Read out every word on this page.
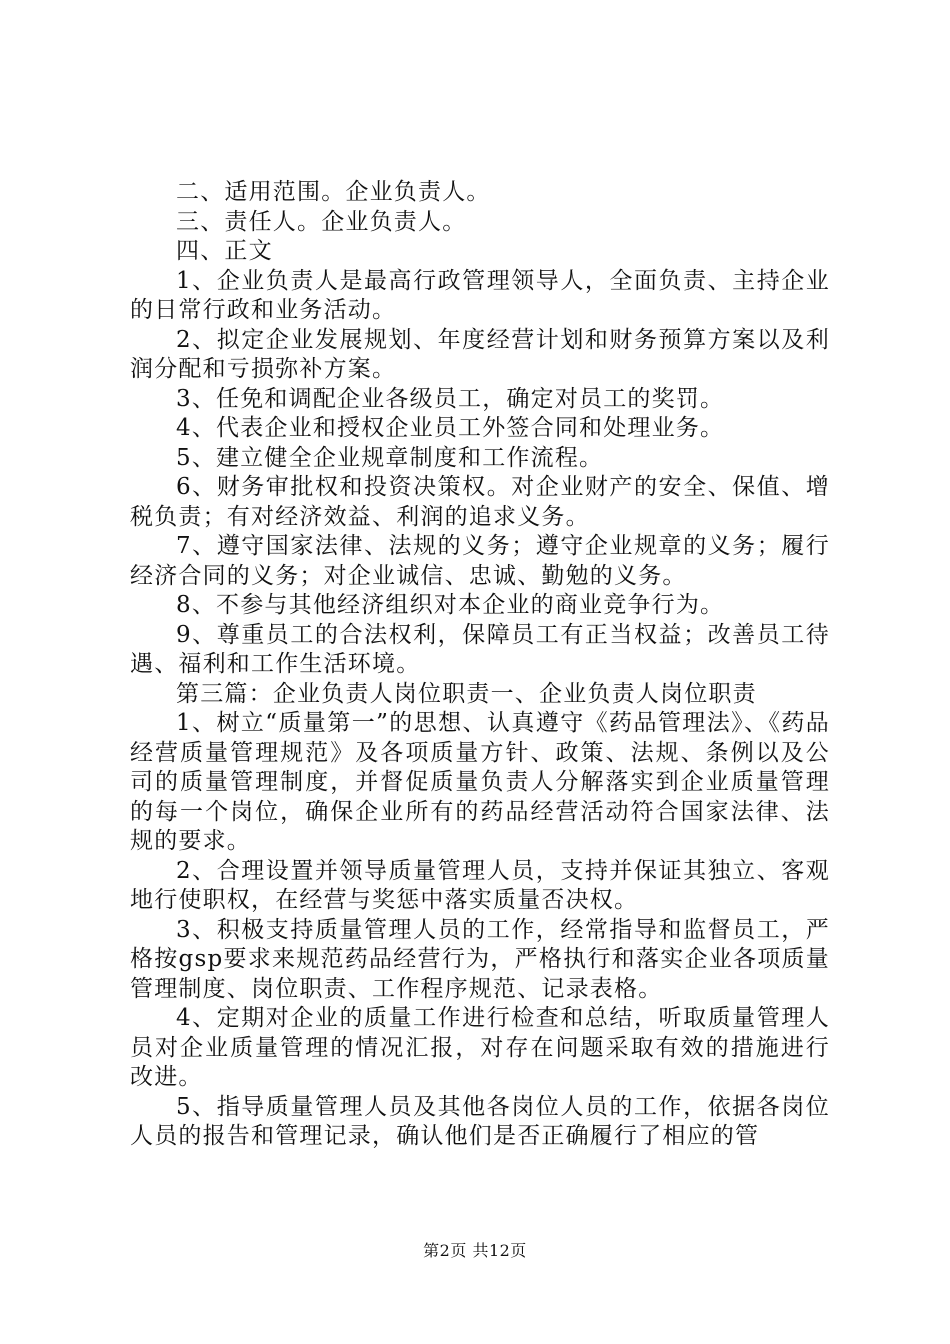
二、适用范围。企业负责人。

三、责任人。企业负责人。

四、正文

1、企业负责人是最高行政管理领导人，全面负责、主持企业的日常行政和业务活动。

2、拟定企业发展规划、年度经营计划和财务预算方案以及利润分配和亏损弥补方案。

3、任免和调配企业各级员工，确定对员工的奖罚。

4、代表企业和授权企业员工外签合同和处理业务。

5、建立健全企业规章制度和工作流程。

6、财务审批权和投资决策权。对企业财产的安全、保值、增税负责；有对经济效益、利润的追求义务。

7、遵守国家法律、法规的义务；遵守企业规章的义务；履行经济合同的义务；对企业诚信、忠诚、勤勉的义务。

8、不参与其他经济组织对本企业的商业竞争行为。

9、尊重员工的合法权利，保障员工有正当权益；改善员工待遇、福利和工作生活环境。

第三篇：企业负责人岗位职责一、企业负责人岗位职责

1、树立“质量第一”的思想、认真遵守《药品管理法》、《药品经营质量管理规范》及各项质量方针、政策、法规、条例以及公司的质量管理制度，并督促质量负责人分解落实到企业质量管理的每一个岗位，确保企业所有的药品经营活动符合国家法律、法规的要求。

2、合理设置并领导质量管理人员，支持并保证其独立、客观地行使职权，在经营与奖惩中落实质量否决权。

3、积极支持质量管理人员的工作，经常指导和监督员工，严格按gsp要求来规范药品经营行为，严格执行和落实企业各项质量管理制度、岗位职责、工作程序规范、记录表格。

4、定期对企业的质量工作进行检查和总结，听取质量管理人员对企业质量管理的情况汇报，对存在问题采取有效的措施进行改进。

5、指导质量管理人员及其他各岗位人员的工作，依据各岗位人员的报告和管理记录，确认他们是否正确履行了相应的管

第2页 共12页
